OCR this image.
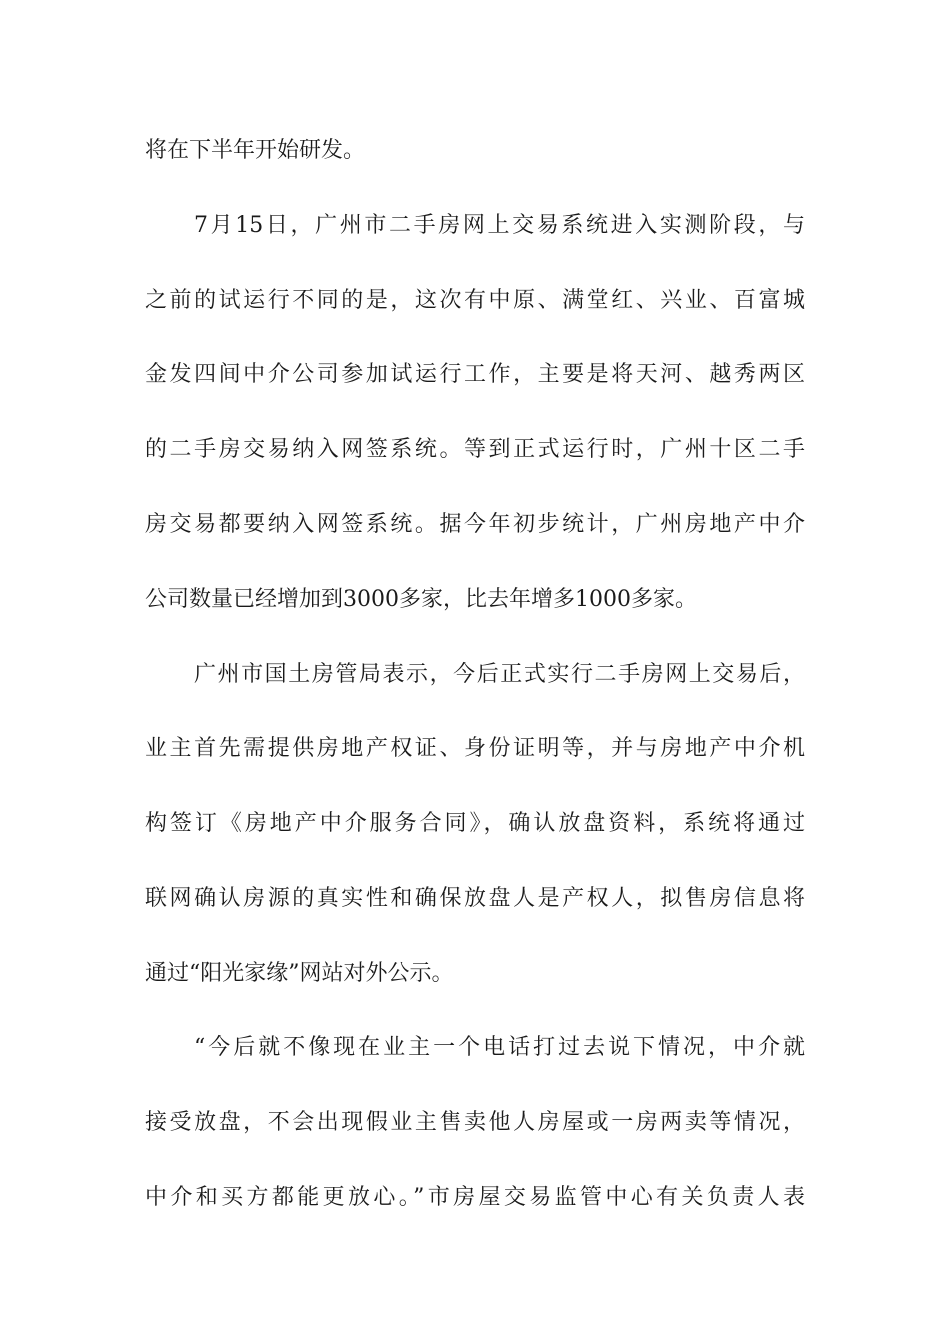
将在下半年开始研发。
7月15日，广州市二手房网上交易系统进入实测阶段，与
之前的试运行不同的是，这次有中原、满堂红、兴业、百富城
金发四间中介公司参加试运行工作，主要是将天河、越秀两区
的二手房交易纳入网签系统。等到正式运行时，广州十区二手
房交易都要纳入网签系统。据今年初步统计，广州房地产中介
公司数量已经增加到3000多家，比去年增多1000多家。
广州市国土房管局表示，今后正式实行二手房网上交易后，
业主首先需提供房地产权证、身份证明等，并与房地产中介机
构签订《房地产中介服务合同》，确认放盘资料，系统将通过
联网确认房源的真实性和确保放盘人是产权人，拟售房信息将
通过“阳光家缘”网站对外公示。
“今后就不像现在业主一个电话打过去说下情况，中介就
接受放盘，不会出现假业主售卖他人房屋或一房两卖等情况，
中介和买方都能更放心。”市房屋交易监管中心有关负责人表
